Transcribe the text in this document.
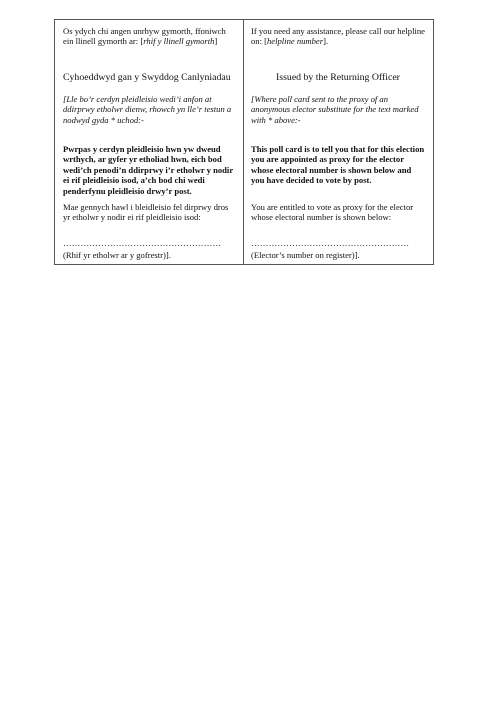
Os ydych chi angen unrhyw gymorth, ffoniwch ein llinell gymorth ar: [rhif y llinell gymorth]

Cyhoeddwyd gan y Swyddog Canlyniadau

[Lle bo’r cerdyn pleidleisio wedi’i anfon at ddirprwy etholwr dienw, rhowch yn lle’r testun a nodwyd gyda * uchod:-

Pwrpas y cerdyn pleidleisio hwn yw dweud wrthych, ar gyfer yr etholiad hwn, eich bod wedi’ch penodi’n ddirprwy i’r etholwr y nodir ei rif pleidleisio isod, a’ch bod chi wedi penderfynu pleidleisio drwy’r post.

Mae gennych hawl i bleidleisio fel dirprwy dros yr etholwr y nodir ei rif pleidleisio isod:

………………………………………………

(Rhif yr etholwr ar y gofrestr)].

If you need any assistance, please call our helpline on: [helpline number].

Issued by the Returning Officer

[Where poll card sent to the proxy of an anonymous elector substitute for the text marked with * above:-

This poll card is to tell you that for this election you are appointed as proxy for the elector whose electoral number is shown below and you have decided to vote by post.

You are entitled to vote as proxy for the elector whose electoral number is shown below:

………………………………………………

(Elector’s number on register)].
